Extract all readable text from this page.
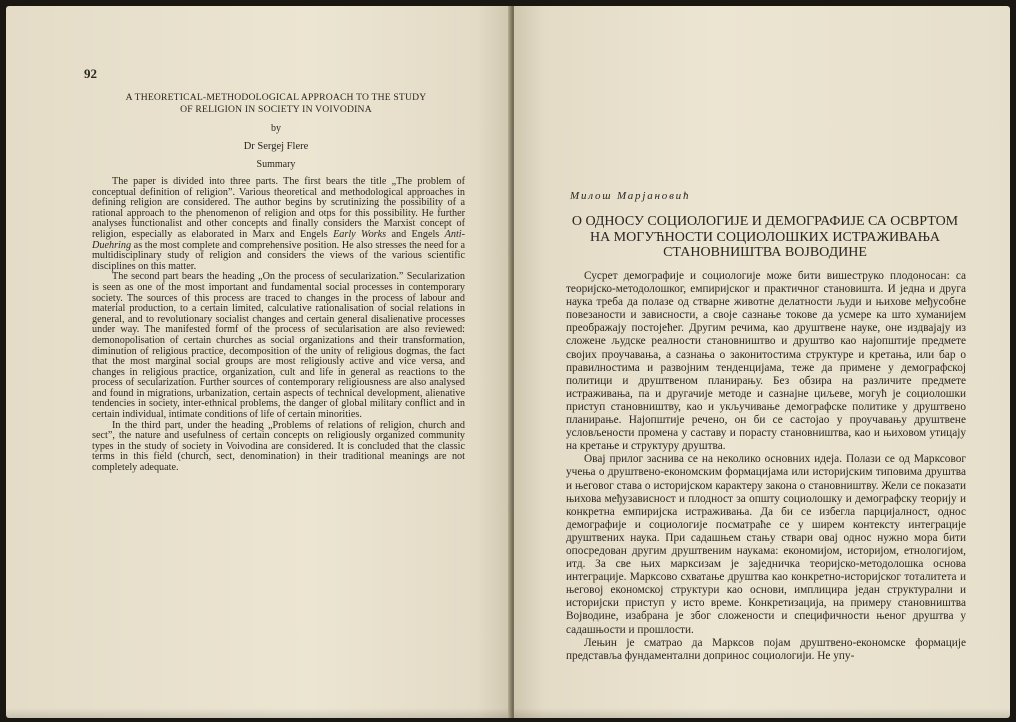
92
A THEORETICAL-METHODOLOGICAL APPROACH TO THE STUDY
OF RELIGION IN SOCIETY IN VOIVODINA
by
Dr Sergej Flere
Summary

The paper is divided into three parts. The first bears the title „The problem of conceptual definition of religion”. Various theoretical and methodological approaches in defining religion are considered. The author begins by scrutinizing the possibility of a rational approach to the phenomenon of religion and otps for this possibility. He further analyses functionalist and other concepts and finally considers the Marxist concept of religion, especially as elaborated in Marx and Engels Early Works and Engels Anti-Duehring as the most complete and comprehensive position. He also stresses the need for a multidisciplinary study of religion and considers the views of the various scientific disciplines on this matter.

The second part bears the heading „On the process of secularization.” Secularization is seen as one of the most important and fundamental social processes in contemporary society. The sources of this process are traced to changes in the process of labour and material production, to a certain limited, calculative rationalisation of social relations in general, and to revolutionary socialist changes and certain general disalienative processes under way. The manifested formf of the process of secularisation are also reviewed: demonopolisation of certain churches as social organizations and their transformation, diminution of religious practice, decomposition of the unity of religious dogmas, the fact that the most marginal social groups are most religiously active and vice versa, and changes in religious practice, organization, cult and life in general as reactions to the process of secularization. Further sources of contemporary religiousness are also analysed and found in migrations, urbanization, certain aspects of technical development, alienative tendencies in society, inter-ethnical problems, the danger of global military conflict and in certain individual, intimate conditions of life of certain minorities.

In the third part, under the heading „Problems of relations of religion, church and sect”, the nature and usefulness of certain concepts on religiously organized community types in the study of society in Voivodina are considered. It is concluded that the classic terms in this field (church, sect, denomination) in their traditional meanings are not completely adequate.

Милош Марјановић
О ОДНОСУ СОЦИОЛОГИЈЕ И ДЕМОГРАФИЈЕ СА ОСВРТОМ
НА МОГУЋНОСТИ СОЦИОЛОШКИХ ИСТРАЖИВАЊА
СТАНОВНИШТВА ВОЈВОДИНЕ

Сусрет демографије и социологије може бити вишеструко плодоносан: са теоријско-методолошког, емпиријског и практичног становишта. И једна и друга наука треба да полазе од стварне животне делатности људи и њихове међусобне повезаности и зависности, а своје сазнање токове да усмере ка што хуманијем преображају постојећег. Другим речима, као друштвене науке, оне издвајају из сложене људске реалности становништво и друштво као најопштије предмете својих проучавања, а сазнања о законитостима структуре и кретања, или бар о правилностима и развојним тенденцијама, теже да примене у демографској политици и друштвеном планирању. Без обзира на различите предмете истраживања, па и другачије методе и сазнајне циљеве, могућ је социолошки приступ становништву, као и укључивање демографске политике у друштвено планирање. Најопштије речено, он би се састојао у проучавању друштвене условљености промена у саставу и порасту становништва, као и њиховом утицају на кретање и структуру друштва.

Овај прилог заснива се на неколико основних идеја. Полази се од Марксовог учења о друштвено-економским формацијама или историјским типовима друштва и његовог става о историјском карактеру закона о становништву. Жели се показати њихова међузависност и плодност за општу социолошку и демографску теорију и конкретна емпиријска истраживања. Да би се избегла парцијалност, однос демографије и социологије посматраће се у ширем контексту интеграције друштвених наука. При садашњем стању ствари овај однос нужно мора бити опосредован другим друштвеним наукама: економијом, историјом, етнологијом, итд. За све њих марксизам је заједничка теоријско-методолошка основа интеграције. Марксово схватање друштва као конкретно-историјског тоталитета и његовој економској структури као основи, имплицира један структурални и историјски приступ у исто време. Конкретизација, на примеру становништва Војводине, изабрана је због сложености и специфичности њеног друштва у садашњости и прошлости.

Лењин је сматрао да Марксов појам друштвено-економске формације представља фундаментални допринос социологији. Не упу-
